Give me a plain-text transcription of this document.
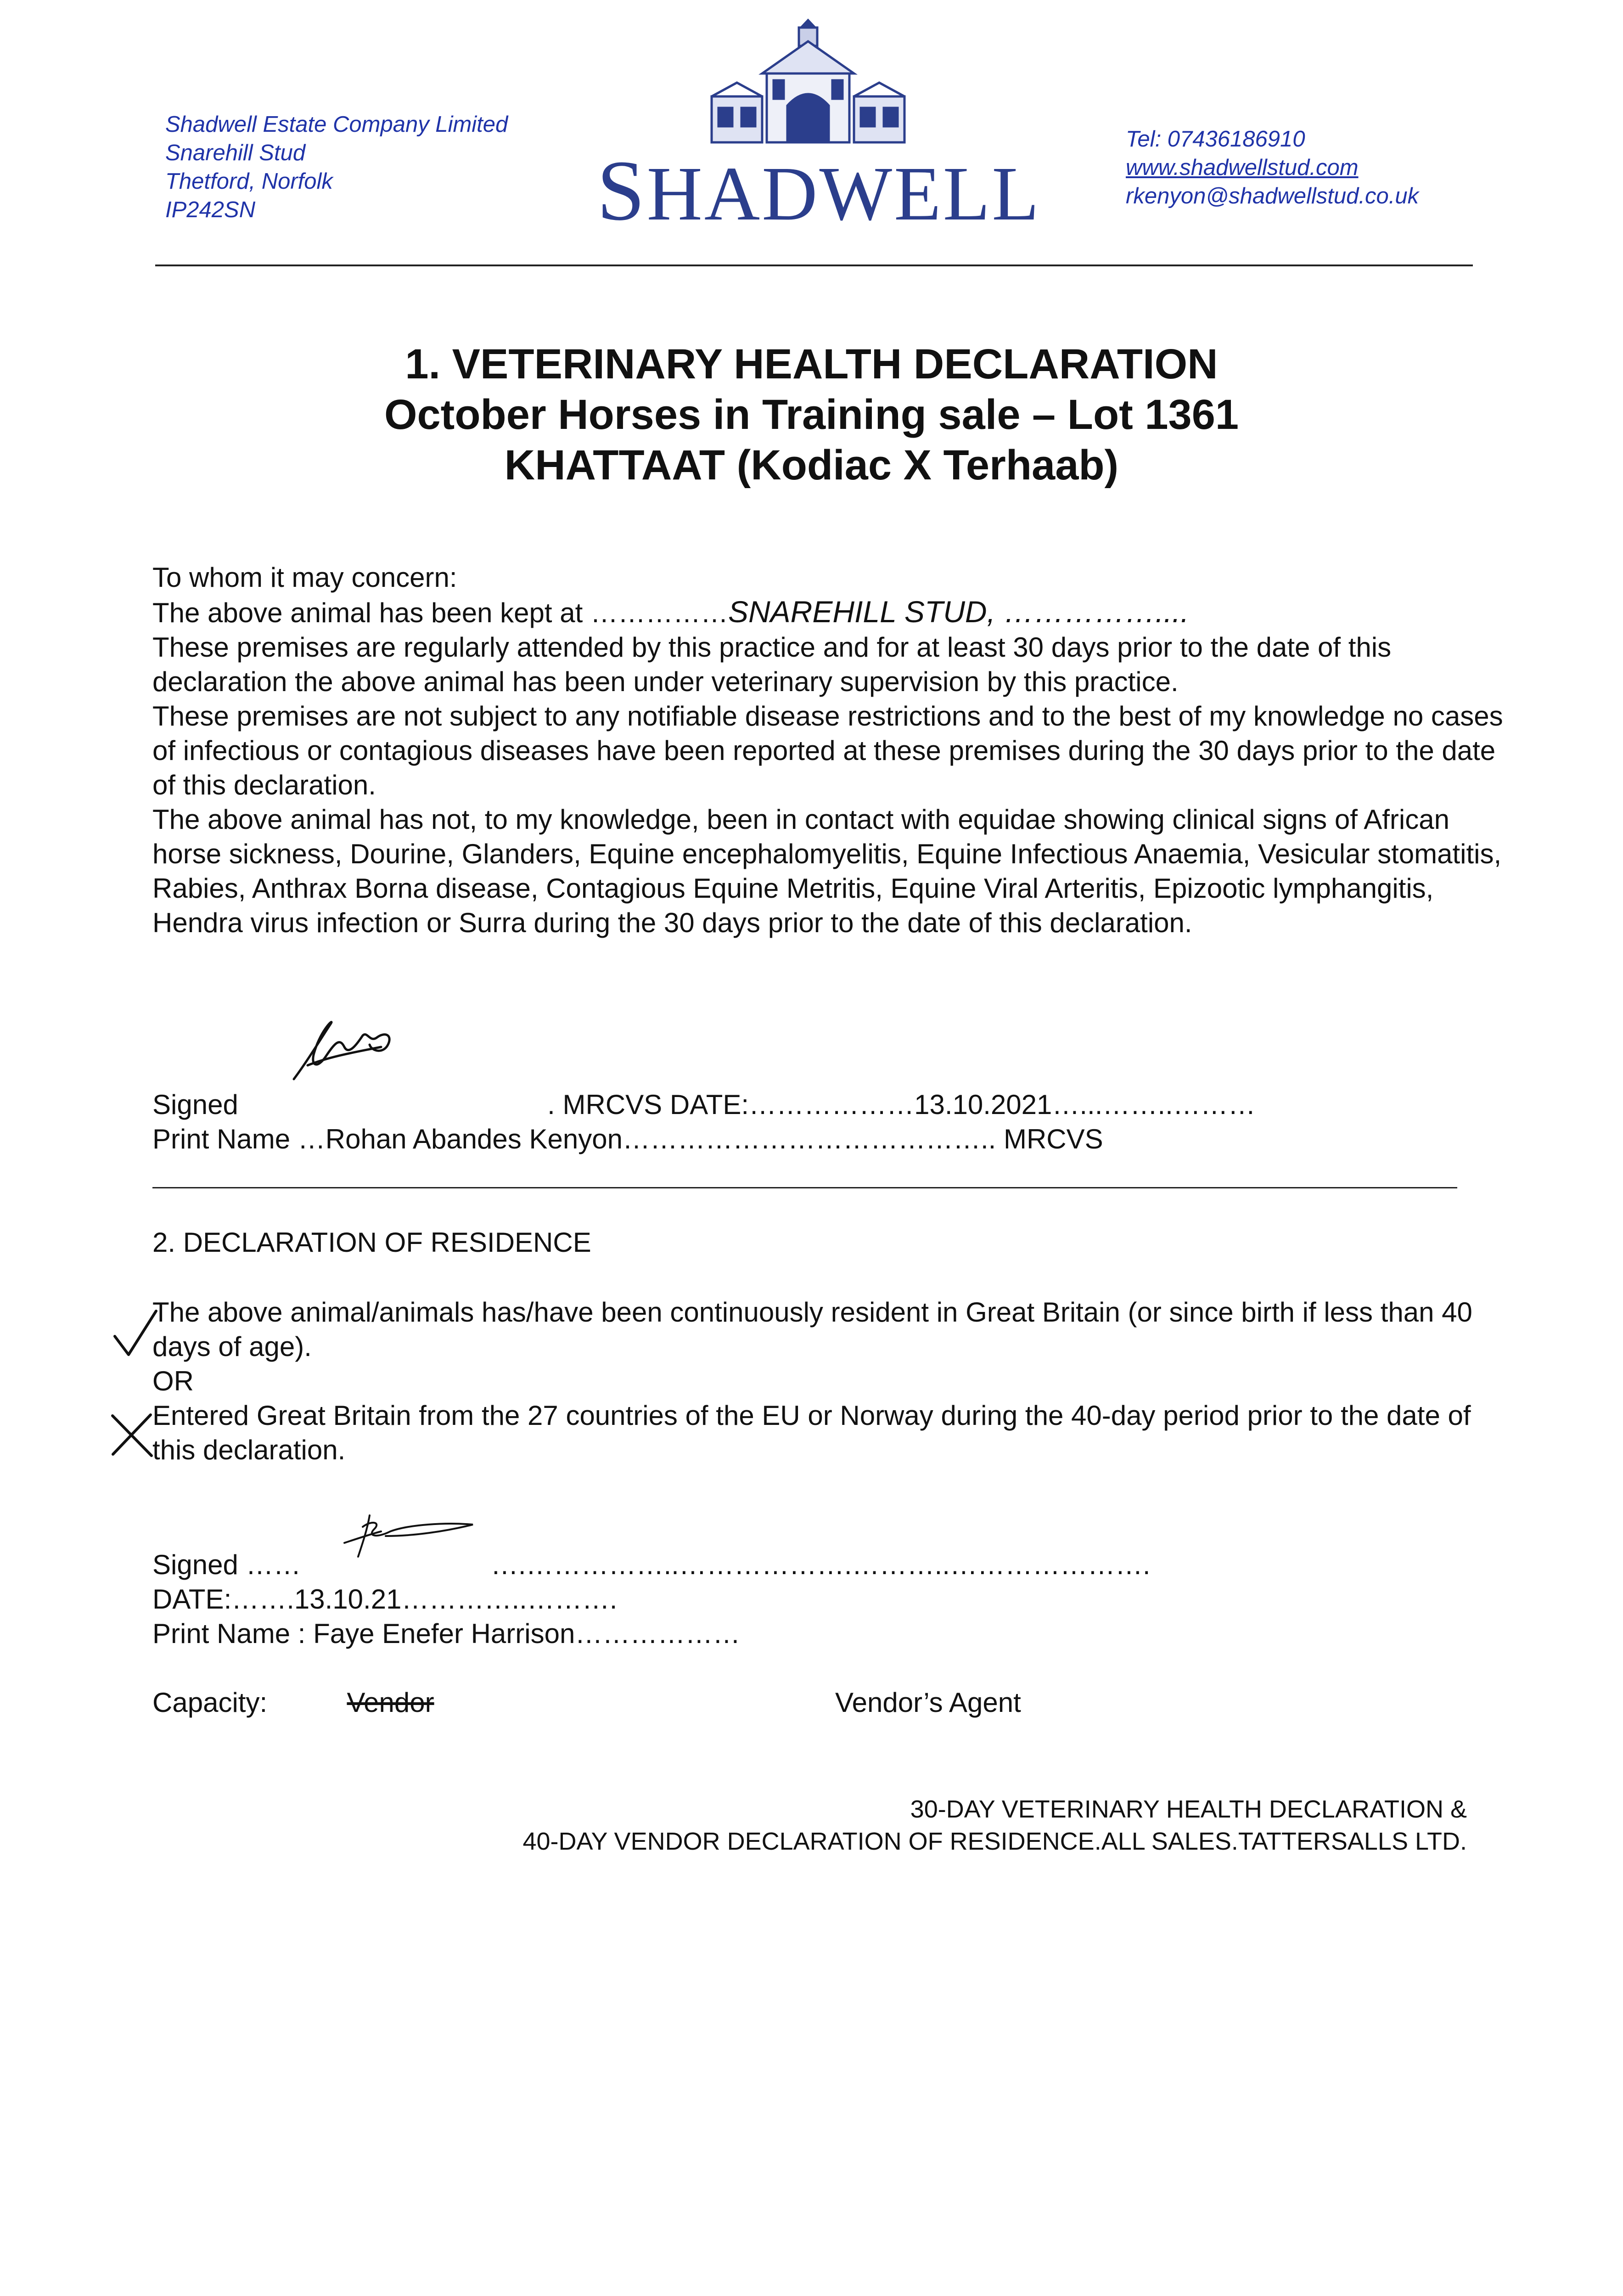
Shadwell Estate Company Limited
Snarehill Stud
Thetford, Norfolk
IP242SN	SHADWELL
Tel: 07436186910
www.shadwellstud.com
rkenyon@shadwellstud.co.uk
1. VETERINARY HEALTH DECLARATION
October Horses in Training sale – Lot 1361
KHATTAAT (Kodiac X Terhaab)
To whom it may concern:
The above animal has been kept at ……………SNAREHILL STUD, ……………....
These premises are regularly attended by this practice and for at least 30 days prior to the date of this declaration the above animal has been under veterinary supervision by this practice.
These premises are not subject to any notifiable disease restrictions and to the best of my knowledge no cases of infectious or contagious diseases have been reported at these premises during the 30 days prior to the date of this declaration.
The above animal has not, to my knowledge, been in contact with equidae showing clinical signs of African horse sickness, Dourine, Glanders, Equine encephalomyelitis, Equine Infectious Anaemia, Vesicular stomatitis, Rabies, Anthrax Borna disease, Contagious Equine Metritis, Equine Viral Arteritis, Epizootic lymphangitis, Hendra virus infection or Surra during the 30 days prior to the date of this declaration.
Signed	. MRCVS DATE:………………13.10.2021…...……..………
Print Name …Rohan Abandes Kenyon………………………………….. MRCVS
2. DECLARATION OF RESIDENCE
The above animal/animals has/have been continuously resident in Great Britain (or since birth if less than 40 days of age).
OR
Entered Great Britain from the 27 countries of the EU or Norway during the 40-day period prior to the date of this declaration.
Signed ……	….……………..……………….………..………………….
DATE:…….13.10.21…………..……….
Print Name : Faye Enefer Harrison………………
Capacity:	Vendor	Vendor’s Agent
30-DAY VETERINARY HEALTH DECLARATION &
40-DAY VENDOR DECLARATION OF RESIDENCE.ALL SALES.TATTERSALLS LTD.
